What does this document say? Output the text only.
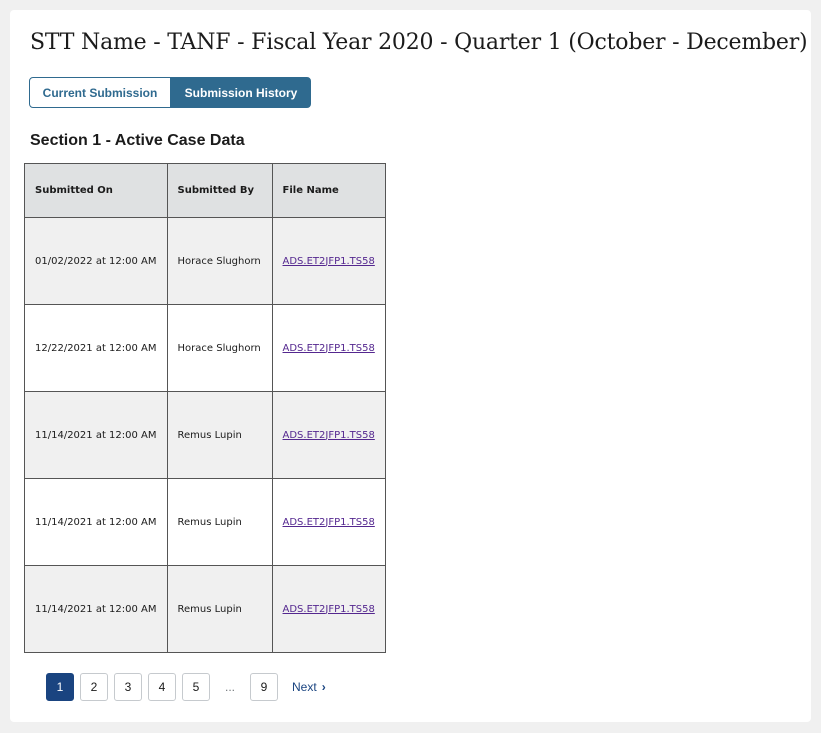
STT Name - TANF - Fiscal Year 2020 - Quarter 1 (October - December)
Current Submission	Submission History
Section 1 - Active Case Data
Submitted On	Submitted By	File Name
01/02/2022 at 12:00 AM	Horace Slughorn	ADS.ET2JFP1.TS58
12/22/2021 at 12:00 AM	Horace Slughorn	ADS.ET2JFP1.TS58
11/14/2021 at 12:00 AM	Remus Lupin	ADS.ET2JFP1.TS58
11/14/2021 at 12:00 AM	Remus Lupin	ADS.ET2JFP1.TS58
11/14/2021 at 12:00 AM	Remus Lupin	ADS.ET2JFP1.TS58
1	2	3	4	5	...	9	Next ›
